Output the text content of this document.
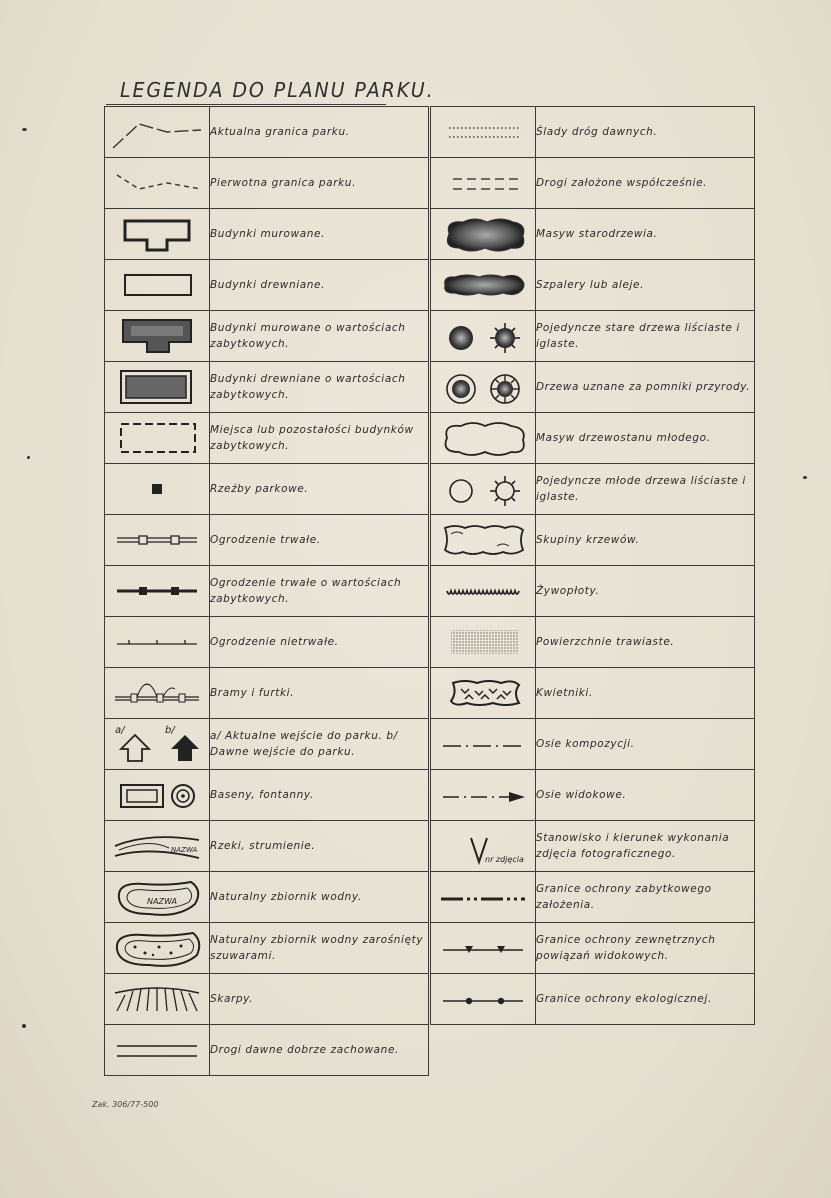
LEGENDA DO PLANU PARKU.
	Aktualna granica parku.

	Pierwotna granica parku.

	Budynki murowane.

	Budynki drewniane.

	Budynki murowane o wartościach zabytkowych.

	Budynki drewniane o wartościach zabytkowych.

	Miejsca lub pozostałości budynków zabytkowych.

	Rzeźby parkowe.

	Ogrodzenie trwałe.

	Ogrodzenie trwałe o wartościach zabytkowych.

	Ogrodzenie nietrwałe.

	Bramy i furtki.

a/ b/	a/ Aktualne wejście do parku. b/ Dawne wejście do parku.

	Baseny, fontanny.

NAZWA	Rzeki, strumienie.

NAZWA	Naturalny zbiornik wodny.

	Naturalny zbiornik wodny zarośnięty szuwarami.

	Skarpy.

	Drogi dawne dobrze zachowane.
	Ślady dróg dawnych.

	Drogi założone współcześnie.

	Masyw starodrzewia.

	Szpalery lub aleje.

	Pojedyncze stare drzewa liściaste i iglaste.

	Drzewa uznane za pomniki przyrody.

	Masyw drzewostanu młodego.

	Pojedyncze młode drzewa liściaste i iglaste.

	Skupiny krzewów.

	Żywopłoty.

	Powierzchnie trawiaste.

	Kwietniki.

	Osie kompozycji.

	Osie widokowe.

nr zdjęcia	Stanowisko i kierunek wykonania zdjęcia fotograficznego.

	Granice ochrony zabytkowego założenia.

	Granice ochrony zewnętrznych powiązań widokowych.

	Granice ochrony ekologicznej.
Zak. 306/77-500
